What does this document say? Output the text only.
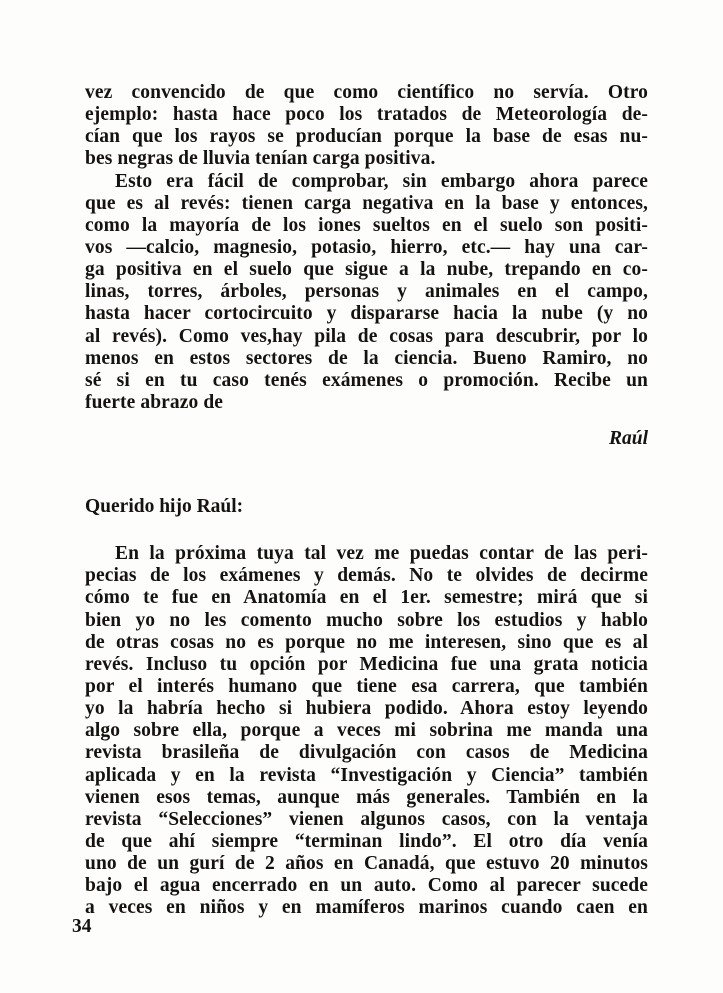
vez convencido de que como científico no servía. Otro
ejemplo: hasta hace poco los tratados de Meteorología de-
cían que los rayos se producían porque la base de esas nu-
bes negras de lluvia tenían carga positiva.
Esto era fácil de comprobar, sin embargo ahora parece
que es al revés: tienen carga negativa en la base y entonces,
como la mayoría de los iones sueltos en el suelo son positi-
vos —calcio, magnesio, potasio, hierro, etc.— hay una car-
ga positiva en el suelo que sigue a la nube, trepando en co-
linas, torres, árboles, personas y animales en el campo,
hasta hacer cortocircuito y dispararse hacia la nube (y no
al revés). Como ves,hay pila de cosas para descubrir, por lo
menos en estos sectores de la ciencia. Bueno Ramiro, no
sé si en tu caso tenés exámenes o promoción. Recibe un
fuerte abrazo de
Raúl
Querido hijo Raúl:
En la próxima tuya tal vez me puedas contar de las peri-
pecias de los exámenes y demás. No te olvides de decirme
cómo te fue en Anatomía en el 1er. semestre; mirá que si
bien yo no les comento mucho sobre los estudios y hablo
de otras cosas no es porque no me interesen, sino que es al
revés. Incluso tu opción por Medicina fue una grata noticia
por el interés humano que tiene esa carrera, que también
yo la habría hecho si hubiera podido. Ahora estoy leyendo
algo sobre ella, porque a veces mi sobrina me manda una
revista brasileña de divulgación con casos de Medicina
aplicada y en la revista “Investigación y Ciencia” también
vienen esos temas, aunque más generales. También en la
revista “Selecciones” vienen algunos casos, con la ventaja
de que ahí siempre “terminan lindo”. El otro día venía
uno de un gurí de 2 años en Canadá, que estuvo 20 minutos
bajo el agua encerrado en un auto. Como al parecer sucede
a veces en niños y en mamíferos marinos cuando caen en
34
